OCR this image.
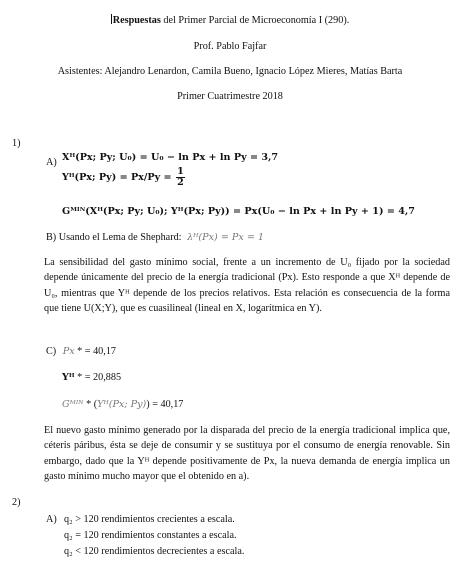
Respuestas del Primer Parcial de Microeconomía I (290).
Prof. Pablo Fajfar
Asistentes: Alejandro Lenardon, Camila Bueno, Ignacio López Mieres, Matías Barta
Primer Cuatrimestre 2018
1)
A) Xᴴ(Px; Py; U₀) = U₀ − ln Px + ln Py = 3,7
Yᴴ(Px; $Py) = Px/Py = \frac{1}{2}$
Gᴹᴵᴺ(Xᴴ(Px; Py; U₀); Yᴴ(Px; Py)) = Px(U₀ − ln Px + ln Py + 1) = 4,7
B) Usando el Lema de Shephard: λᴴ(Px) = Px = 1
La sensibilidad del gasto mínimo social, frente a un incremento de U₀ fijado por la sociedad depende únicamente del precio de la energía tradicional (Px). Esto responde a que Xᴴ depende de U₀, mientras que Yᴴ depende de los precios relativos. Esta relación es consecuencia de la forma que tiene U(X;Y), que es cuasilineal (lineal en X, logarítmica en Y).
C) Px * = 40,17
Yᴴ * = 20,885
Gᴹᴵᴺ * (Yᴴ(Px; Py)) = 40,17
El nuevo gasto mínimo generado por la disparada del precio de la energía tradicional implica que, céteris páribus, ésta se deje de consumir y se sustituya por el consumo de energía renovable. Sin embargo, dado que la Yᴴ depende positivamente de Px, la nueva demanda de energía implica un gasto mínimo mucho mayor que el obtenido en a).
2)
A) q₂ > 120 rendimientos crecientes a escala.
q₂ = 120 rendimientos constantes a escala.
q₂ < 120 rendimientos decrecientes a escala.
